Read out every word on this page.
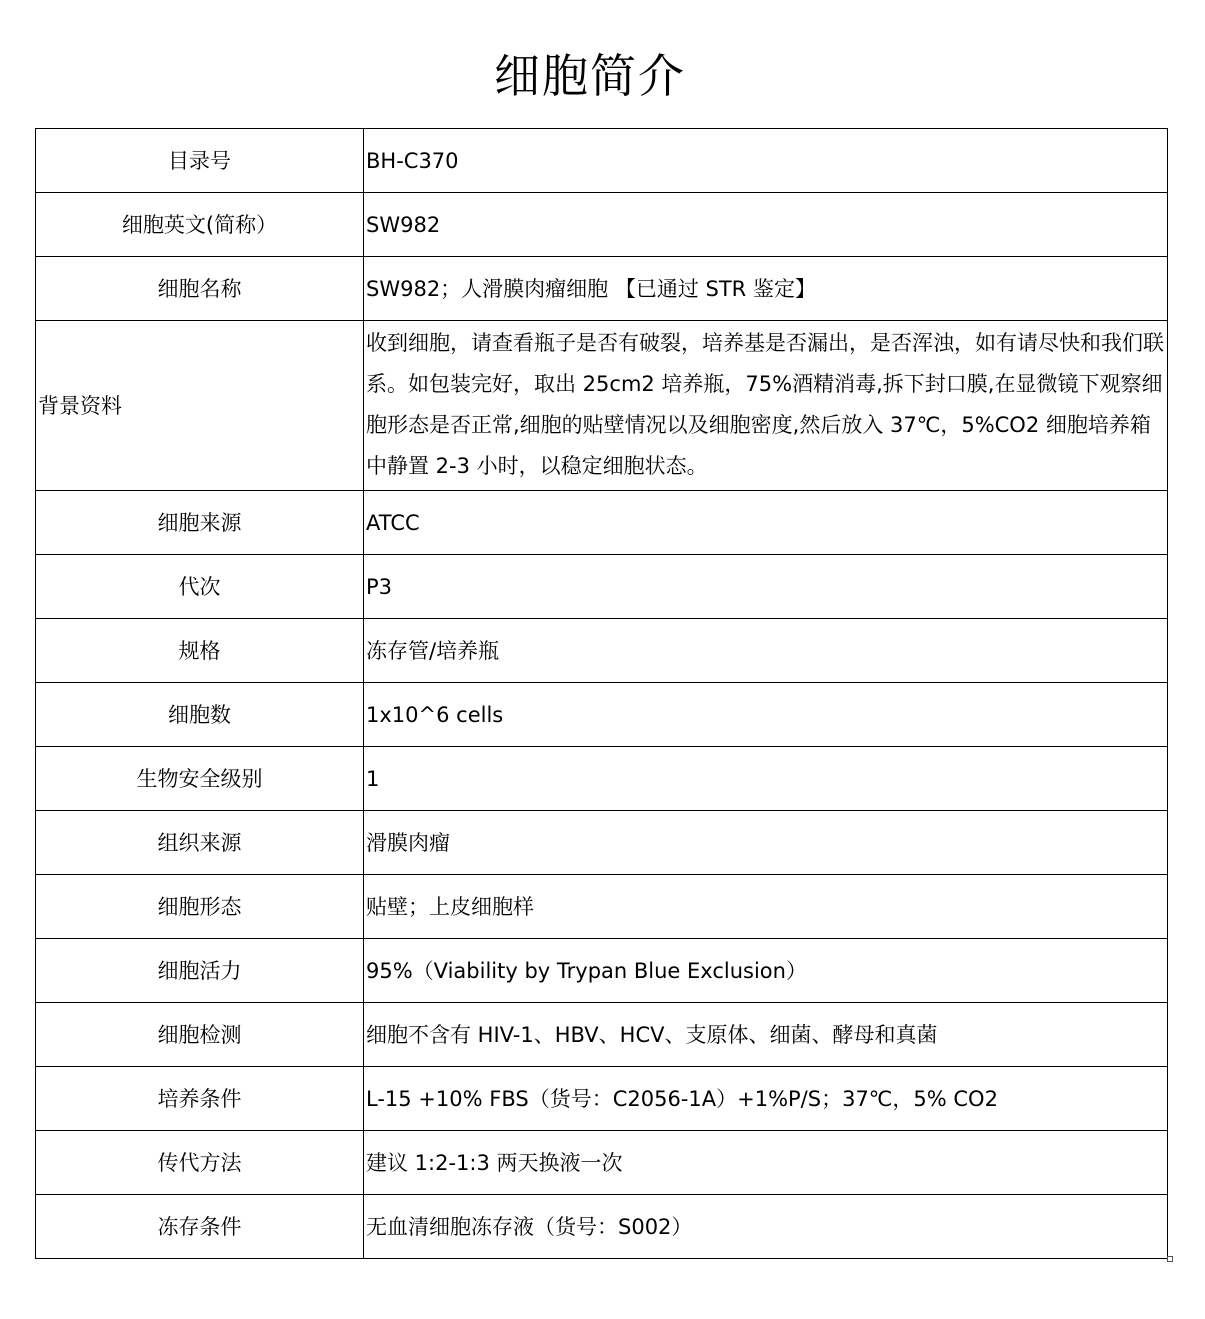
细胞简介
目录号	BH-C370
细胞英文(简称）	SW982
细胞名称	SW982；人滑膜肉瘤细胞 【已通过 STR 鉴定】
背景资料	收到细胞，请查看瓶子是否有破裂，培养基是否漏出，是否浑浊，如有请尽快和我们联系。如包装完好，取出 25cm2 培养瓶，75%酒精消毒,拆下封口膜,在显微镜下观察细胞形态是否正常,细胞的贴壁情况以及细胞密度,然后放入 37℃，5%CO2 细胞培养箱中静置 2-3 小时，以稳定细胞状态。
细胞来源	ATCC
代次	P3
规格	冻存管/培养瓶
细胞数	1x10^6 cells
生物安全级别	1
组织来源	滑膜肉瘤
细胞形态	贴壁；上皮细胞样
细胞活力	95%（Viability by Trypan Blue Exclusion）
细胞检测	细胞不含有 HIV-1、HBV、HCV、支原体、细菌、酵母和真菌
培养条件	L-15 +10% FBS（货号：C2056-1A）+1%P/S；37℃，5% CO2
传代方法	建议 1:2-1:3 两天换液一次
冻存条件	无血清细胞冻存液（货号：S002）
